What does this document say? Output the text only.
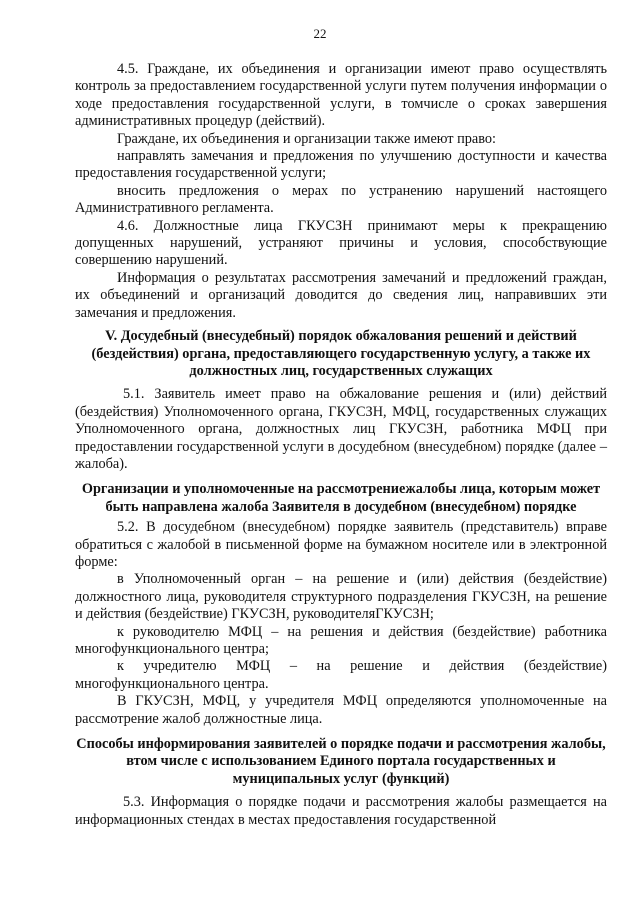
22

4.5. Граждане, их объединения и организации имеют право осуществлять контроль за предоставлением государственной услуги путем получения информации о ходе предоставления государственной услуги, в томчисле о сроках завершения административных процедур (действий).

Граждане, их объединения и организации также имеют право:

направлять замечания и предложения по улучшению доступности и качества предоставления государственной услуги;

вносить предложения о мерах по устранению нарушений настоящего Административного регламента.

4.6. Должностные лица ГКУСЗН принимают меры к прекращению допущенных нарушений, устраняют причины и условия, способствующие совершению нарушений.

Информация о результатах рассмотрения замечаний и предложений граждан, их объединений и организаций доводится до сведения лиц, направивших эти замечания и предложения.

V. Досудебный (внесудебный) порядок обжалования решений и действий (бездействия) органа, предоставляющего государственную услугу, а также их должностных лиц, государственных служащих

5.1. Заявитель имеет право на обжалование решения и (или) действий (бездействия) Уполномоченного органа, ГКУСЗН, МФЦ, государственных служащих Уполномоченного органа, должностных лиц ГКУСЗН, работника МФЦ при предоставлении государственной услуги в досудебном (внесудебном) порядке (далее – жалоба).

Организации и уполномоченные на рассмотрениежалобы лица, которым может быть направлена жалоба Заявителя в досудебном (внесудебном) порядке

5.2. В досудебном (внесудебном) порядке заявитель (представитель) вправе обратиться с жалобой в письменной форме на бумажном носителе или в электронной форме:

в Уполномоченный орган – на решение и (или) действия (бездействие) должностного лица, руководителя структурного подразделения ГКУСЗН, на решение и действия (бездействие) ГКУСЗН, руководителяГКУСЗН;

к руководителю МФЦ – на решения и действия (бездействие) работника многофункционального центра;

к учредителю МФЦ – на решение и действия (бездействие) многофункционального центра.

В ГКУСЗН, МФЦ, у учредителя МФЦ определяются уполномоченные на рассмотрение жалоб должностные лица.

Способы информирования заявителей о порядке подачи и рассмотрения жалобы, втом числе с использованием Единого портала государственных и муниципальных услуг (функций)

5.3. Информация о порядке подачи и рассмотрения жалобы размещается на информационных стендах в местах предоставления государственной
